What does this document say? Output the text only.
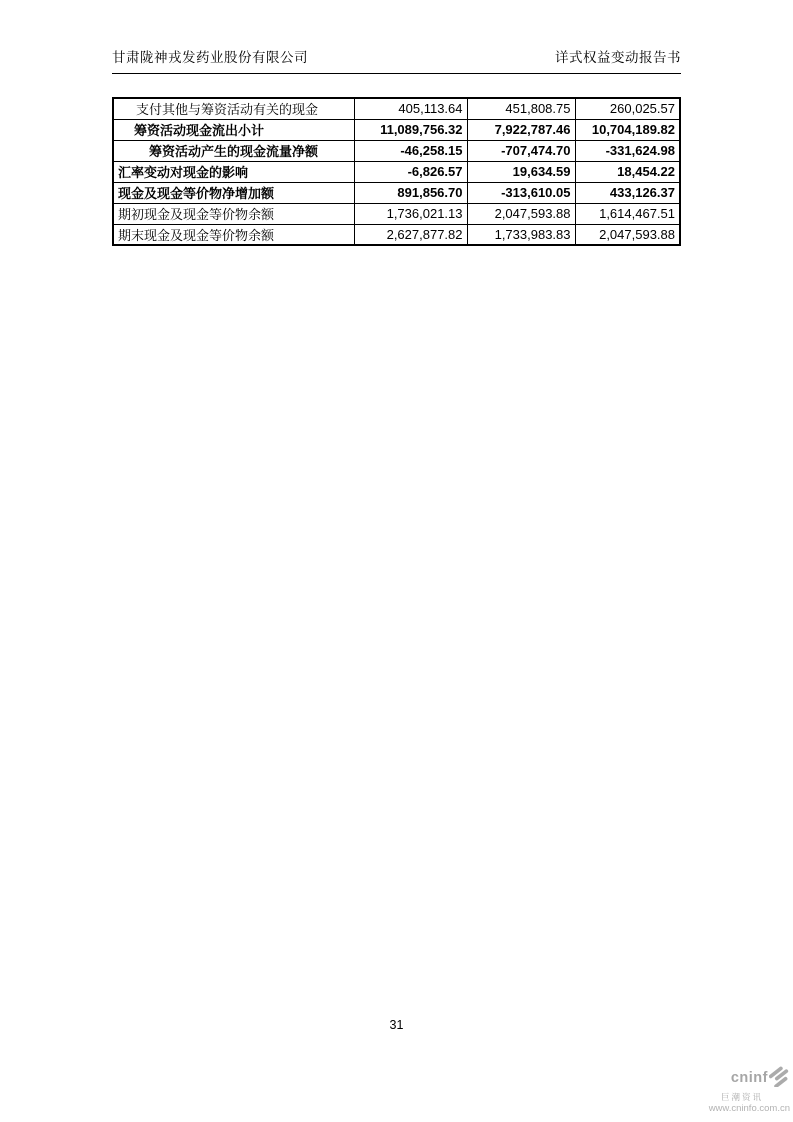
甘肃陇神戎发药业股份有限公司	详式权益变动报告书
支付其他与筹资活动有关的现金	405,113.64	451,808.75	260,025.57
筹资活动现金流出小计	11,089,756.32	7,922,787.46	10,704,189.82
筹资活动产生的现金流量净额	-46,258.15	-707,474.70	-331,624.98
汇率变动对现金的影响	-6,826.57	19,634.59	18,454.22
现金及现金等价物净增加额	891,856.70	-313,610.05	433,126.37
期初现金及现金等价物余额	1,736,021.13	2,047,593.88	1,614,467.51
期末现金及现金等价物余额	2,627,877.82	1,733,983.83	2,047,593.88
31
cninf
巨潮资讯
www.cninfo.com.cn
